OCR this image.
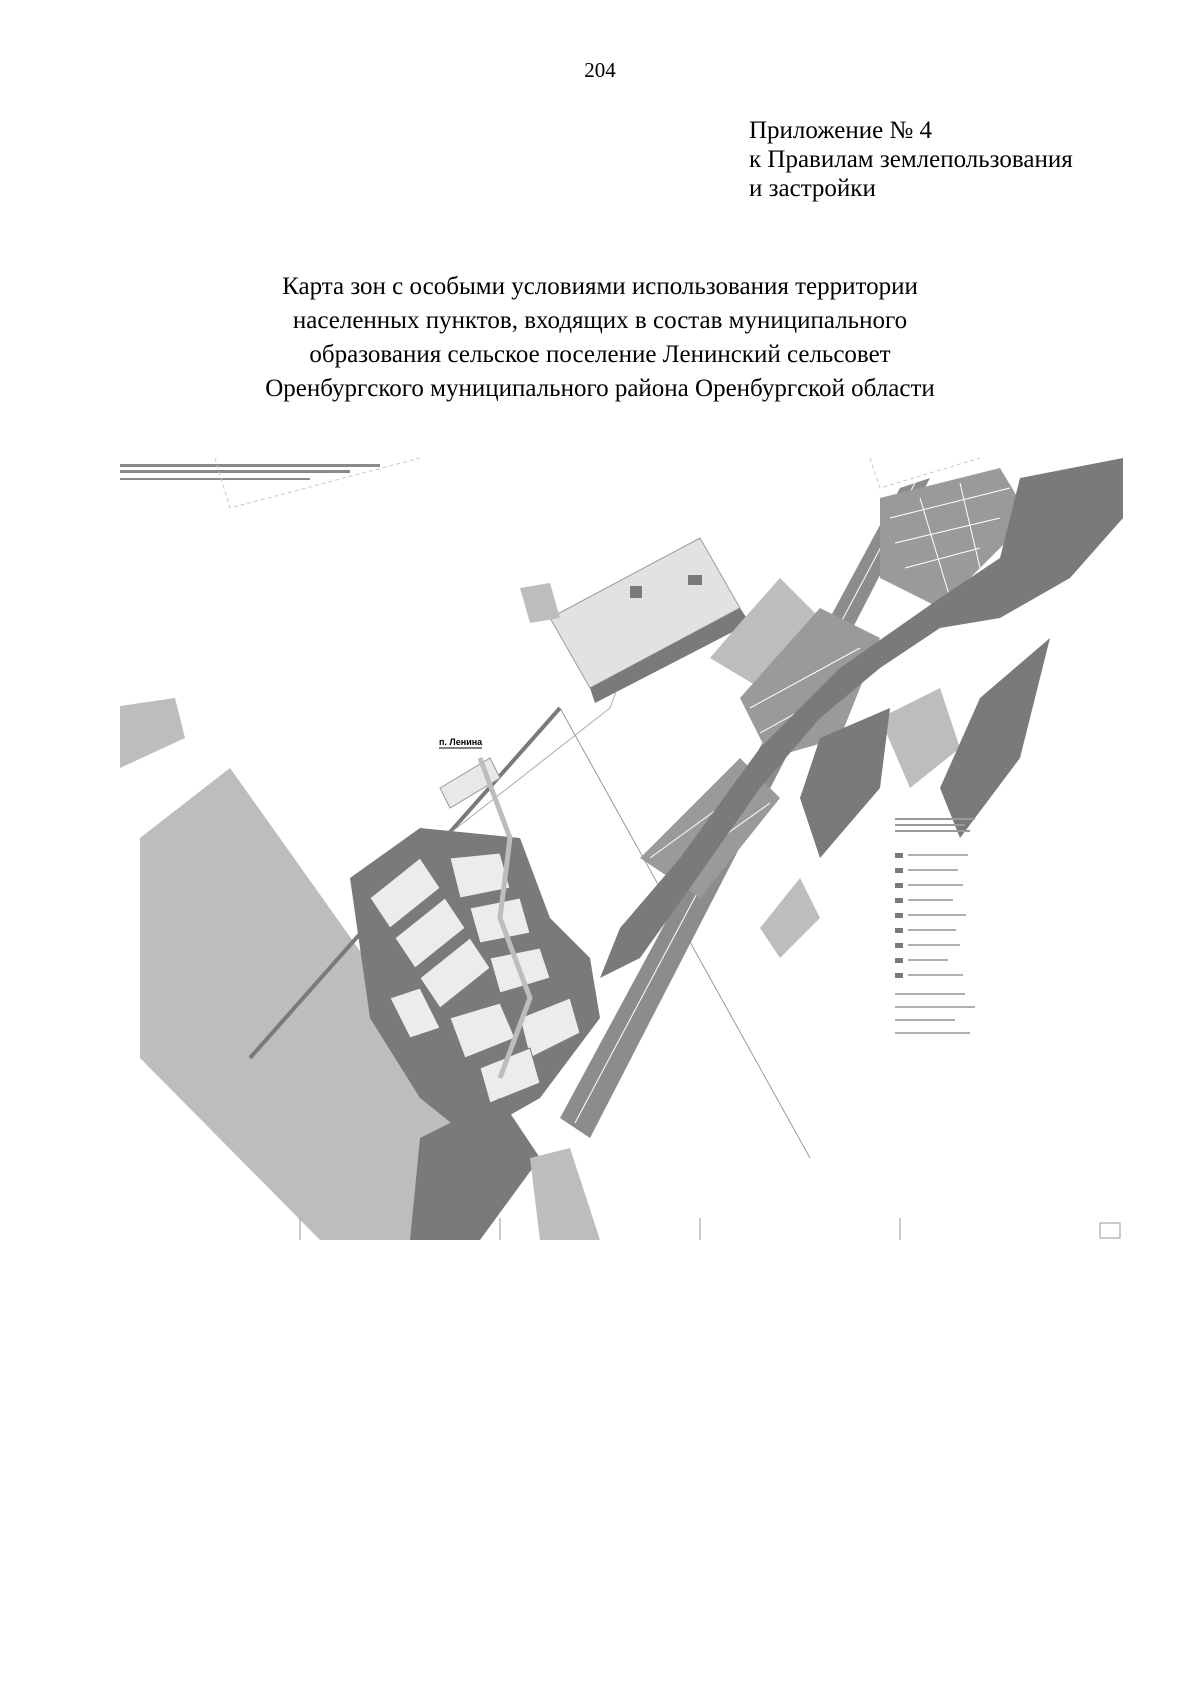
204
Приложение № 4
к Правилам землепользования
и застройки
Карта зон с особыми условиями использования территории
населенных пунктов, входящих в состав муниципального
образования сельское поселение Ленинский сельсовет
Оренбургского муниципального района Оренбургской области
п. Ленина
